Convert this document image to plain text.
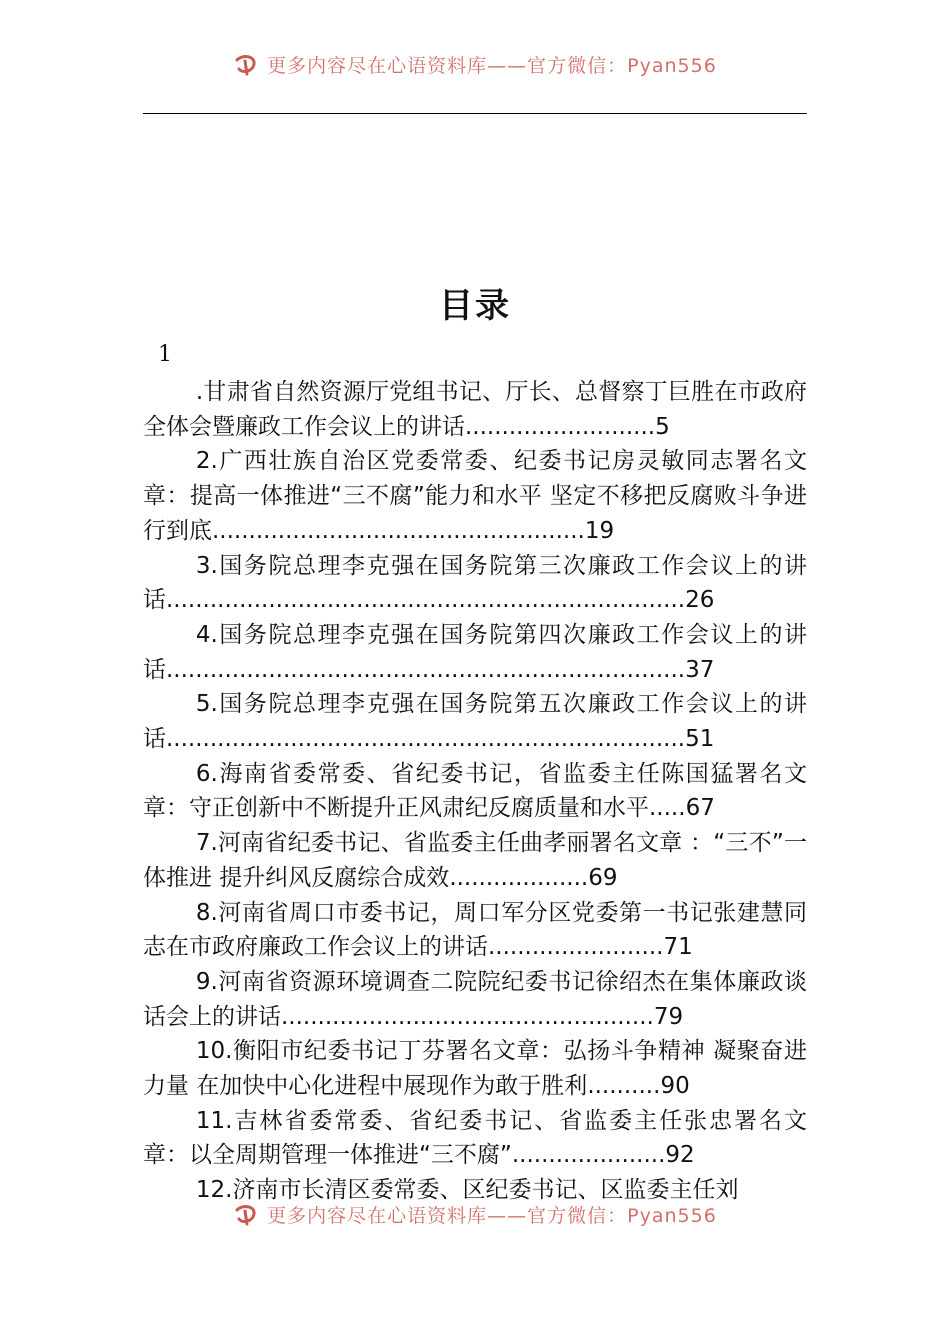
更多内容尽在心语资料库——官方微信：Pyan556
目录
1
.甘肃省自然资源厅党组书记、厅长、总督察丁巨胜在市政府全体会暨廉政工作会议上的讲话..........................5
2.广西壮族自治区党委常委、纪委书记房灵敏同志署名文章：提高一体推进“三不腐”能力和水平 坚定不移把反腐败斗争进行到底...................................................19
3.国务院总理李克强在国务院第三次廉政工作会议上的讲话.......................................................................26
4.国务院总理李克强在国务院第四次廉政工作会议上的讲话.......................................................................37
5.国务院总理李克强在国务院第五次廉政工作会议上的讲话.......................................................................51
6.海南省委常委、省纪委书记，省监委主任陈国猛署名文章：守正创新中不断提升正风肃纪反腐质量和水平.....67
7.河南省纪委书记、省监委主任曲孝丽署名文章 ：“三不”一体推进 提升纠风反腐综合成效...................69
8.河南省周口市委书记，周口军分区党委第一书记张建慧同志在市政府廉政工作会议上的讲话........................71
9.河南省资源环境调查二院院纪委书记徐绍杰在集体廉政谈话会上的讲话...................................................79
10.衡阳市纪委书记丁芬署名文章：弘扬斗争精神 凝聚奋进力量 在加快中心化进程中展现作为敢于胜利..........90
11.吉林省委常委、省纪委书记、省监委主任张忠署名文章：以全周期管理一体推进“三不腐”.....................92
12.济南市长清区委常委、区纪委书记、区监委主任刘
更多内容尽在心语资料库——官方微信：Pyan556
